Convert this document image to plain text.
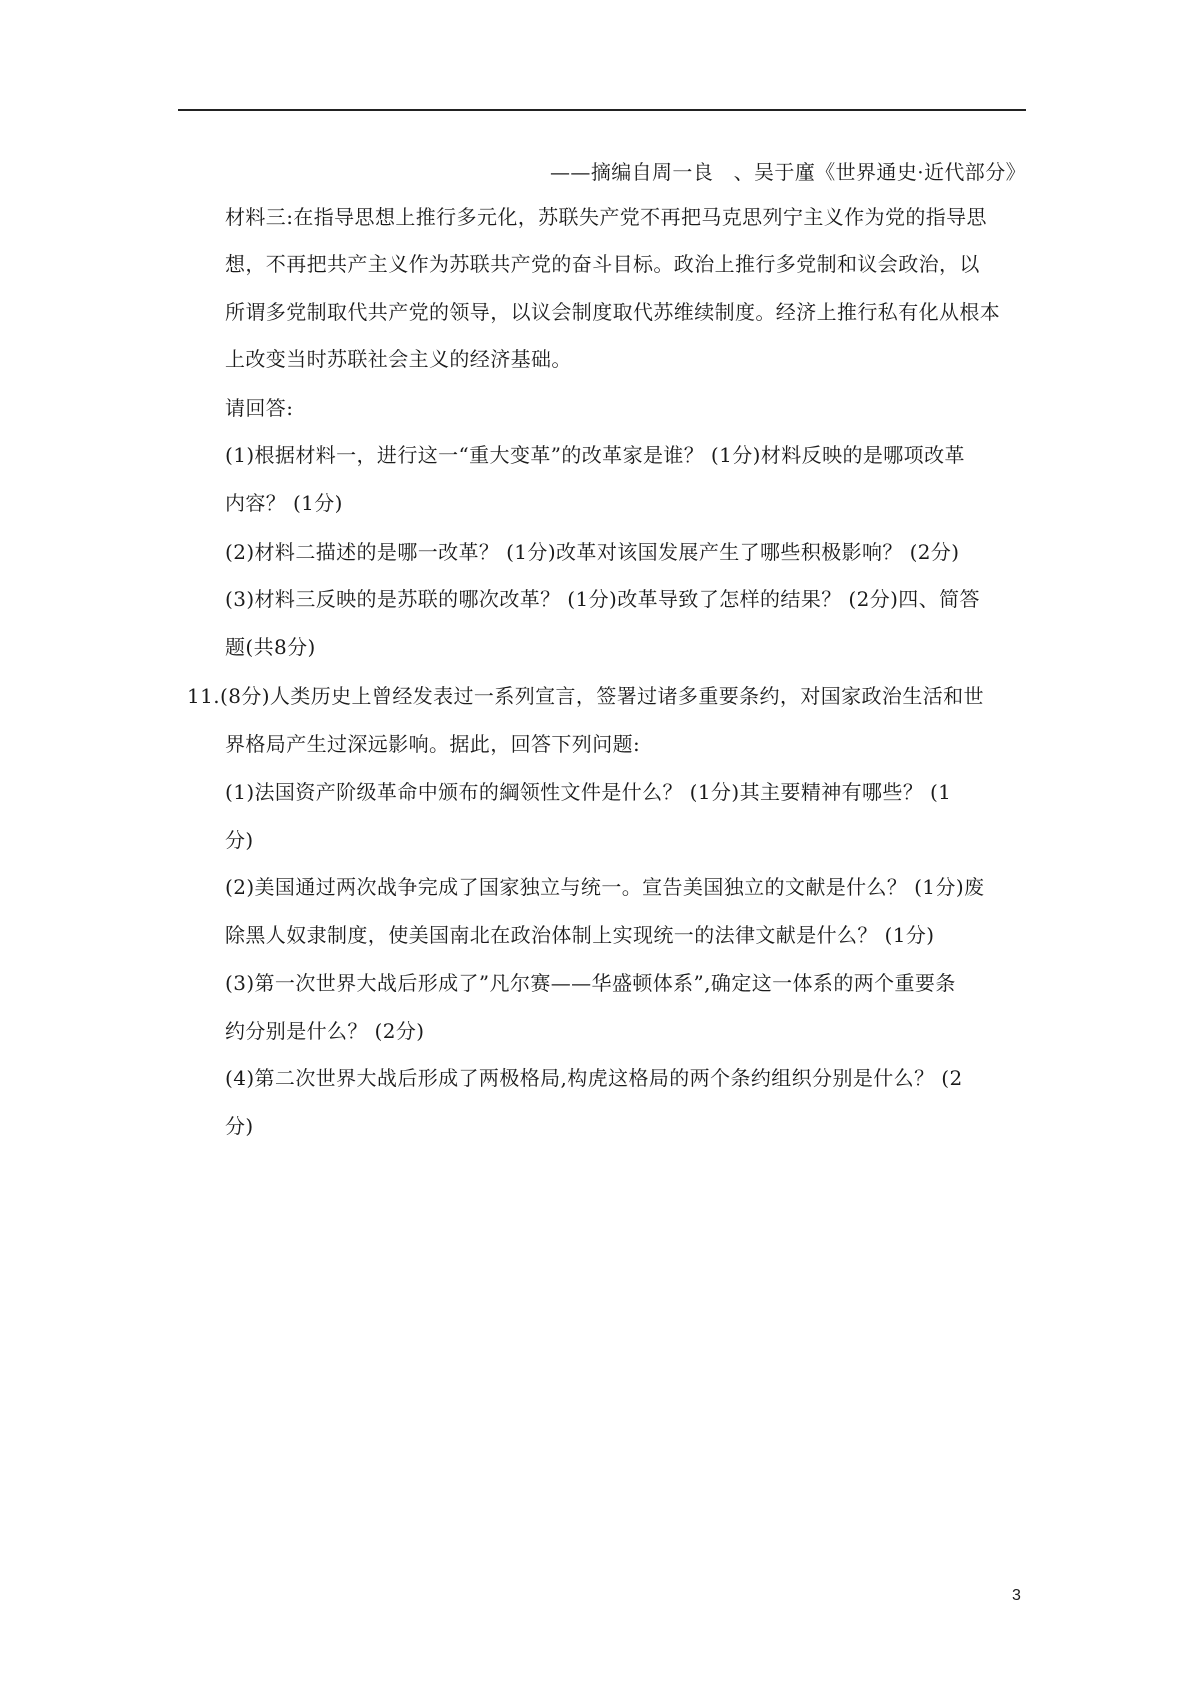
——摘编自周一良　、吴于廑《世界通史·近代部分》
材料三:在指导思想上推行多元化，苏联失产党不再把马克思列宁主义作为党的指导思
想，不再把共产主义作为苏联共产党的奋斗目标。政治上推行多党制和议会政治，以
所谓多党制取代共产党的领导，以议会制度取代苏维续制度。经济上推行私有化从根本
上改变当时苏联社会主义的经济基础。
请回答:
(1)根据材料一，进行这一“重大变革”的改革家是谁？ (1分)材料反映的是哪项改革
内容？ (1分)
(2)材料二描述的是哪一改革？ (1分)改革对该国发展产生了哪些积极影响？ (2分)
(3)材料三反映的是苏联的哪次改革？ (1分)改革导致了怎样的结果？ (2分)四、简答
题(共8分)
11.(8分)人类历史上曾经发表过一系列宣言，签署过诸多重要条约，对国家政治生活和世
界格局产生过深远影响。据此，回答下列问题:
(1)法国资产阶级革命中颁布的綱领性文件是什么？ (1分)其主要精神有哪些？ (1
分)
(2)美国通过两次战争完成了国家独立与统一。宣告美国独立的文献是什么？ (1分)废
除黑人奴隶制度，使美国南北在政治体制上实现统一的法律文献是什么？ (1分)
(3)第一次世界大战后形成了”凡尔赛——华盛顿体系”,确定这一体系的两个重要条
约分别是什么？ (2分)
(4)第二次世界大战后形成了两极格局,构虎这格局的两个条约组织分别是什么？ (2
分)
3
